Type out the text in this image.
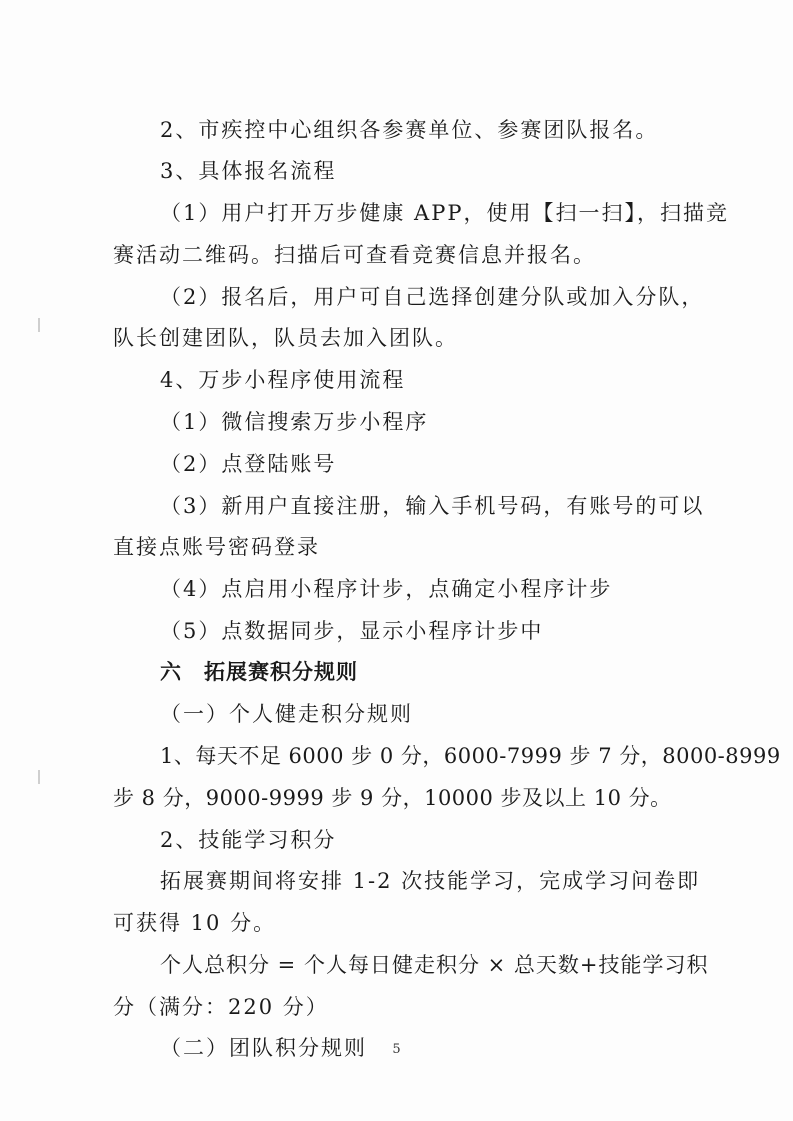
2、市疾控中心组织各参赛单位、参赛团队报名。
3、具体报名流程
（1）用户打开万步健康 APP，使用【扫一扫】，扫描竞
赛活动二维码。扫描后可查看竞赛信息并报名。
（2）报名后，用户可自己选择创建分队或加入分队，
队长创建团队，队员去加入团队。
4、万步小程序使用流程
（1）微信搜索万步小程序
（2）点登陆账号
（3）新用户直接注册，输入手机号码，有账号的可以
直接点账号密码登录
（4）点启用小程序计步，点确定小程序计步
（5）点数据同步，显示小程序计步中
六　拓展赛积分规则
（一）个人健走积分规则
1、每天不足 6000 步 0 分，6000-7999 步 7 分，8000-8999
步 8 分，9000-9999 步 9 分，10000 步及以上 10 分。
2、技能学习积分
拓展赛期间将安排 1-2 次技能学习，完成学习问卷即
可获得 10 分。
个人总积分 = 个人每日健走积分 × 总天数+技能学习积
分（满分：220 分）
（二）团队积分规则	5
